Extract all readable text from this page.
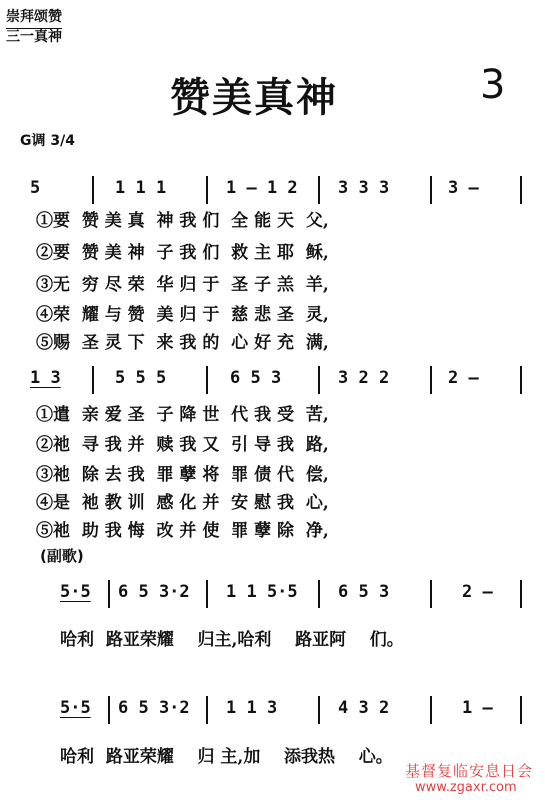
崇拜颂赞
三一真神
赞美真神	3
G调 3/4
5	1 1 1	1 – 1 2 3 3 3	3 –
①要  赞 美 真  神 我 们  全 能 天  父,
②要  赞 美 神  子 我 们  救 主 耶  稣,
③无  穷 尽 荣  华 归 于  圣 子 羔  羊,
④荣  耀 与 赞  美 归 于  慈 悲 圣  灵,
⑤赐  圣 灵 下  来 我 的  心 好 充  满,
1 3	5 5 5	6 5 3	3 2 2	2 –
①遣  亲 爱 圣  子 降 世  代 我 受  苦,
②祂  寻 我 并  赎 我 又  引 导 我  路,
③祂  除 去 我  罪 孽 将  罪 债 代  偿,
④是  祂 教 训  感 化 并  安 慰 我  心,
⑤祂  助 我 悔  改 并 使  罪 孽 除  净,
(副歌)
5·5 6 5 3·2 1 1 5·5 6 5 3	2 –
哈利  路亚荣耀    归主,哈利    路亚阿    们。
5·5 6 5 3·2 1 1 3	4 3 2	1 –
哈利  路亚荣耀    归 主,加    添我热    心。
基督复临安息日会
www.zgaxr.com
